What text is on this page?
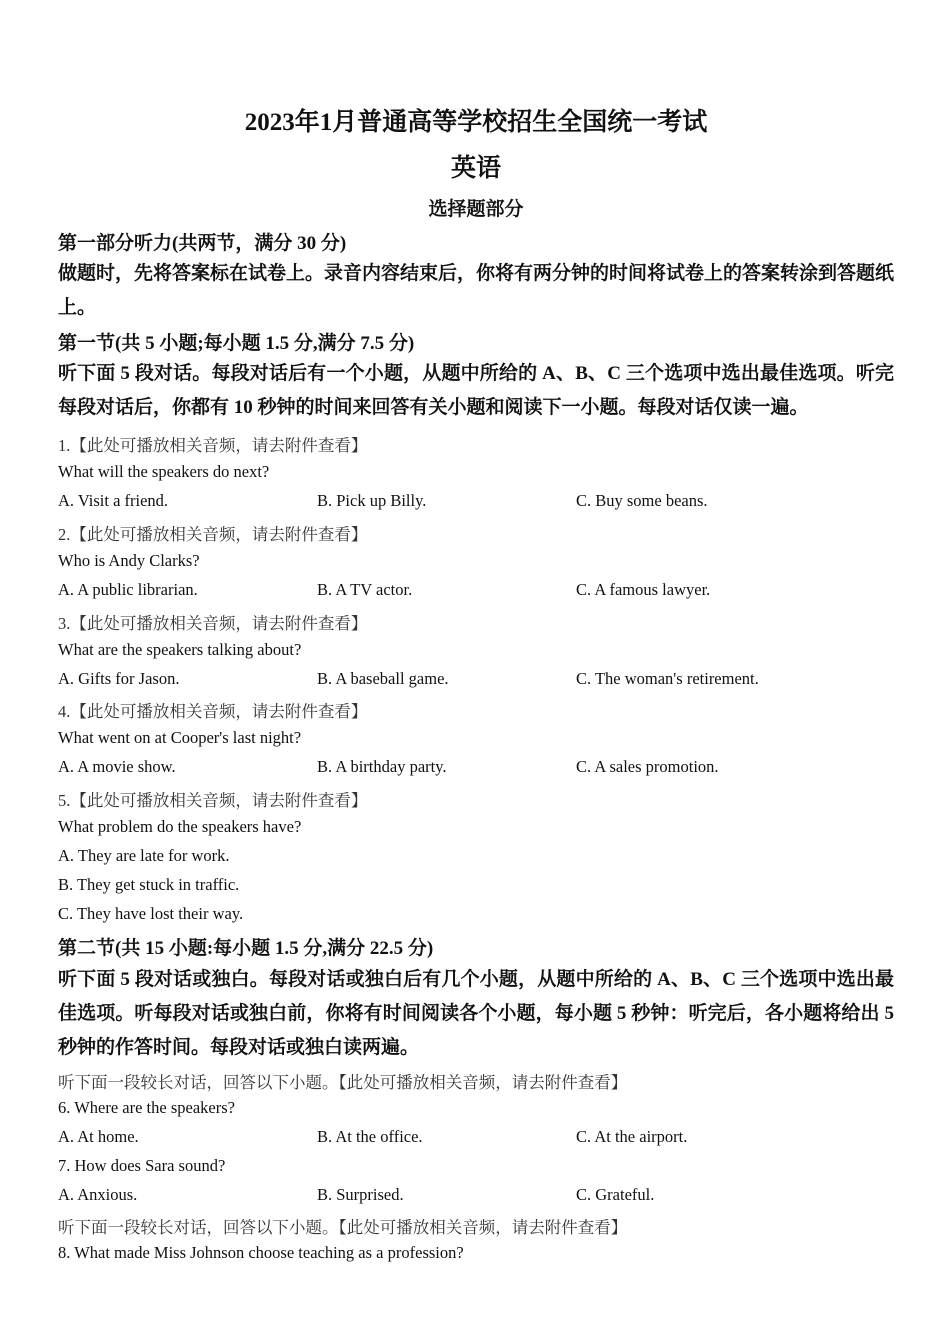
2023年1月普通高等学校招生全国统一考试
英语
选择题部分
第一部分听力(共两节，满分 30 分)
做题时，先将答案标在试卷上。录音内容结束后，你将有两分钟的时间将试卷上的答案转涂到答题纸上。
第一节(共 5 小题;每小题 1.5 分,满分 7.5 分)
听下面 5 段对话。每段对话后有一个小题，从题中所给的 A、B、C 三个选项中选出最佳选项。听完每段对话后，你都有 10 秒钟的时间来回答有关小题和阅读下一小题。每段对话仅读一遍。
1.【此处可播放相关音频，请去附件查看】
What will the speakers do next?
A. Visit a friend.	B. Pick up Billy.	C. Buy some beans.
2.【此处可播放相关音频，请去附件查看】
Who is Andy Clarks?
A. A public librarian.	B. A TV actor.	C. A famous lawyer.
3.【此处可播放相关音频，请去附件查看】
What are the speakers talking about?
A. Gifts for Jason.	B. A baseball game.	C. The woman's retirement.
4.【此处可播放相关音频，请去附件查看】
What went on at Cooper's last night?
A. A movie show.	B. A birthday party.	C. A sales promotion.
5.【此处可播放相关音频，请去附件查看】
What problem do the speakers have?
A. They are late for work.
B. They get stuck in traffic.
C. They have lost their way.
第二节(共 15 小题:每小题 1.5 分,满分 22.5 分)
听下面 5 段对话或独白。每段对话或独白后有几个小题，从题中所给的 A、B、C 三个选项中选出最佳选项。听每段对话或独白前，你将有时间阅读各个小题，每小题 5 秒钟：听完后，各小题将给出 5 秒钟的作答时间。每段对话或独白读两遍。
听下面一段较长对话，回答以下小题。【此处可播放相关音频，请去附件查看】
6. Where are the speakers?
A. At home.	B. At the office.	C. At the airport.
7. How does Sara sound?
A. Anxious.	B. Surprised.	C. Grateful.
听下面一段较长对话，回答以下小题。【此处可播放相关音频，请去附件查看】
8. What made Miss Johnson choose teaching as a profession?
